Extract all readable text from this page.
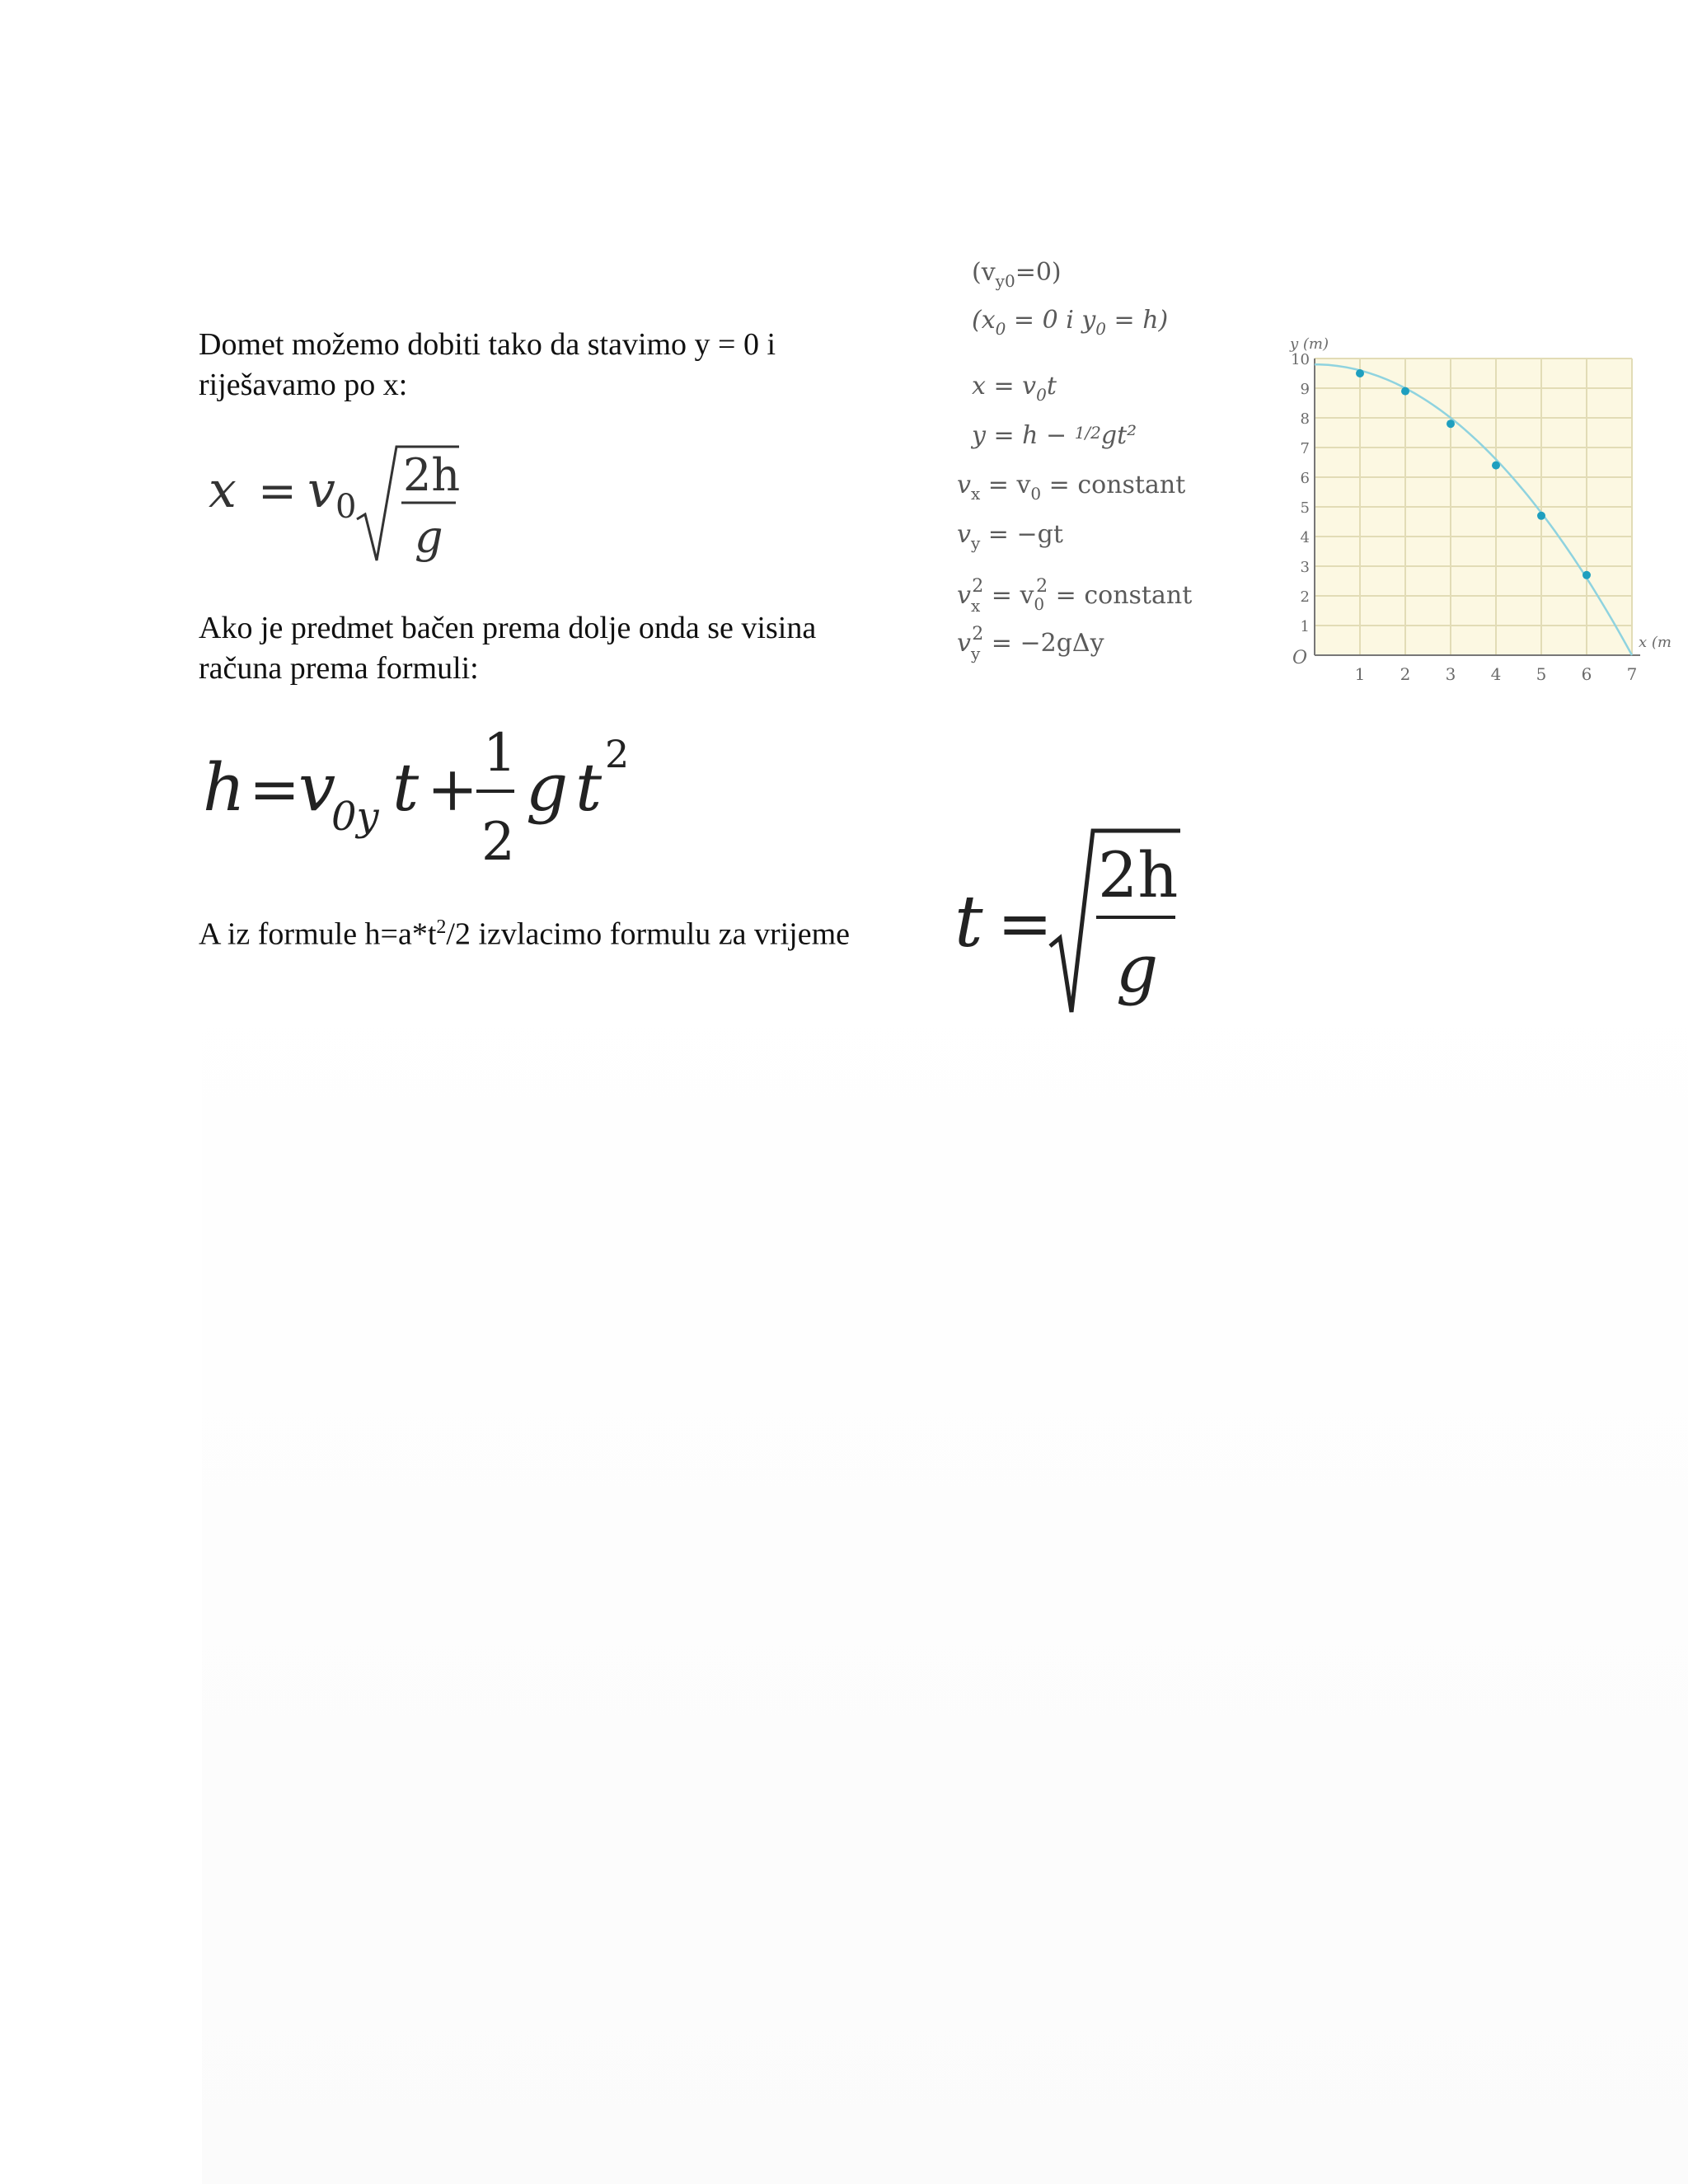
Domet možemo dobiti tako da stavimo y = 0 i
riješavamo po x:
x = v 0
2h
g
Ako je predmet bačen prema dolje onda se visina
računa prema formuli:
h =
v
0y t +
1
2
g t 2
A iz formule $h=a*t^2/2$ izvlacimo formulu za vrijeme t =
2h
g
$(v_{y0}=0)$
($x_0 = 0$ i $y_0 = h$)
$x = v_0t$
y = h − $^{1/2}$gt²
$v_x = v_0$ = constant
$v_y = -gt$
$v_x2 = v_02$ = constant
$v_y2 = -2g\Delta y$
1 2 3 4 5 6 7
1
2
3
4
5
6
7
8
9
10
O
y (m)
x (m
